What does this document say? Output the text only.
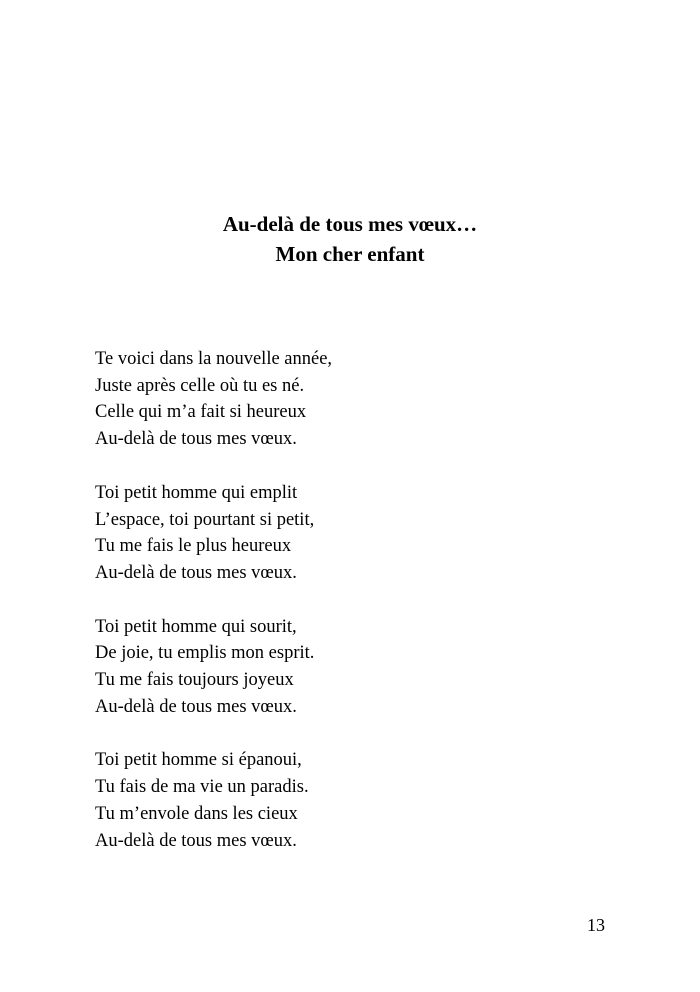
Au-delà de tous mes vœux…
Mon cher enfant
Te voici dans la nouvelle année,
Juste après celle où tu es né.
Celle qui m’a fait si heureux
Au-delà de tous mes vœux.
Toi petit homme qui emplit
L’espace, toi pourtant si petit,
Tu me fais le plus heureux
Au-delà de tous mes vœux.
Toi petit homme qui sourit,
De joie, tu emplis mon esprit.
Tu me fais toujours joyeux
Au-delà de tous mes vœux.
Toi petit homme si épanoui,
Tu fais de ma vie un paradis.
Tu m’envole dans les cieux
Au-delà de tous mes vœux.
13
